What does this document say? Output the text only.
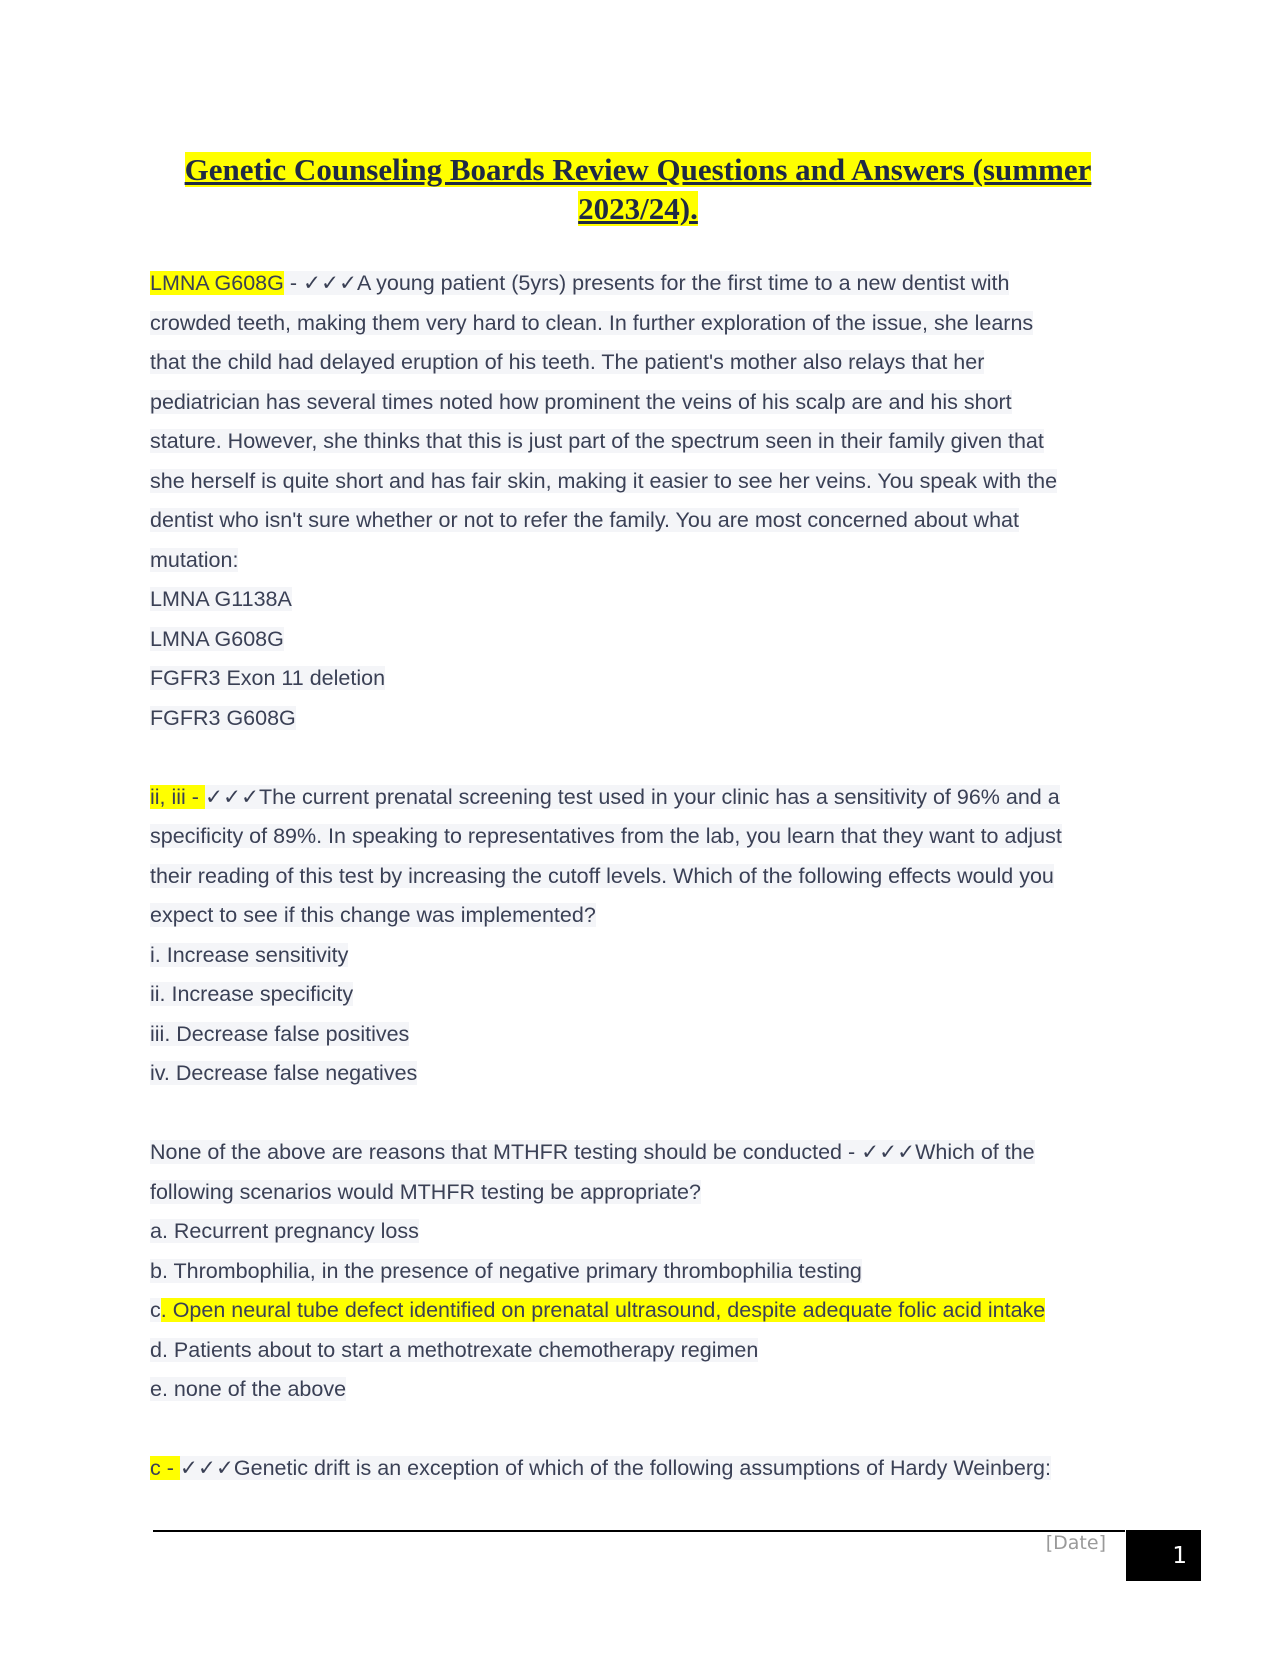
Genetic Counseling Boards Review Questions and Answers (summer
2023/24).
LMNA G608G - ✓✓✓A young patient (5yrs) presents for the first time to a new dentist with
crowded teeth, making them very hard to clean. In further exploration of the issue, she learns
that the child had delayed eruption of his teeth. The patient's mother also relays that her
pediatrician has several times noted how prominent the veins of his scalp are and his short
stature. However, she thinks that this is just part of the spectrum seen in their family given that
she herself is quite short and has fair skin, making it easier to see her veins. You speak with the
dentist who isn't sure whether or not to refer the family. You are most concerned about what
mutation:
LMNA G1138A
LMNA G608G
FGFR3 Exon 11 deletion
FGFR3 G608G
ii, iii - ✓✓✓The current prenatal screening test used in your clinic has a sensitivity of 96% and a
specificity of 89%. In speaking to representatives from the lab, you learn that they want to adjust
their reading of this test by increasing the cutoff levels. Which of the following effects would you
expect to see if this change was implemented?
i. Increase sensitivity
ii. Increase specificity
iii. Decrease false positives
iv. Decrease false negatives
None of the above are reasons that MTHFR testing should be conducted - ✓✓✓Which of the
following scenarios would MTHFR testing be appropriate?
a. Recurrent pregnancy loss
b. Thrombophilia, in the presence of negative primary thrombophilia testing
c. Open neural tube defect identified on prenatal ultrasound, despite adequate folic acid intake
d. Patients about to start a methotrexate chemotherapy regimen
e. none of the above
c - ✓✓✓Genetic drift is an exception of which of the following assumptions of Hardy Weinberg:
[Date]	1
